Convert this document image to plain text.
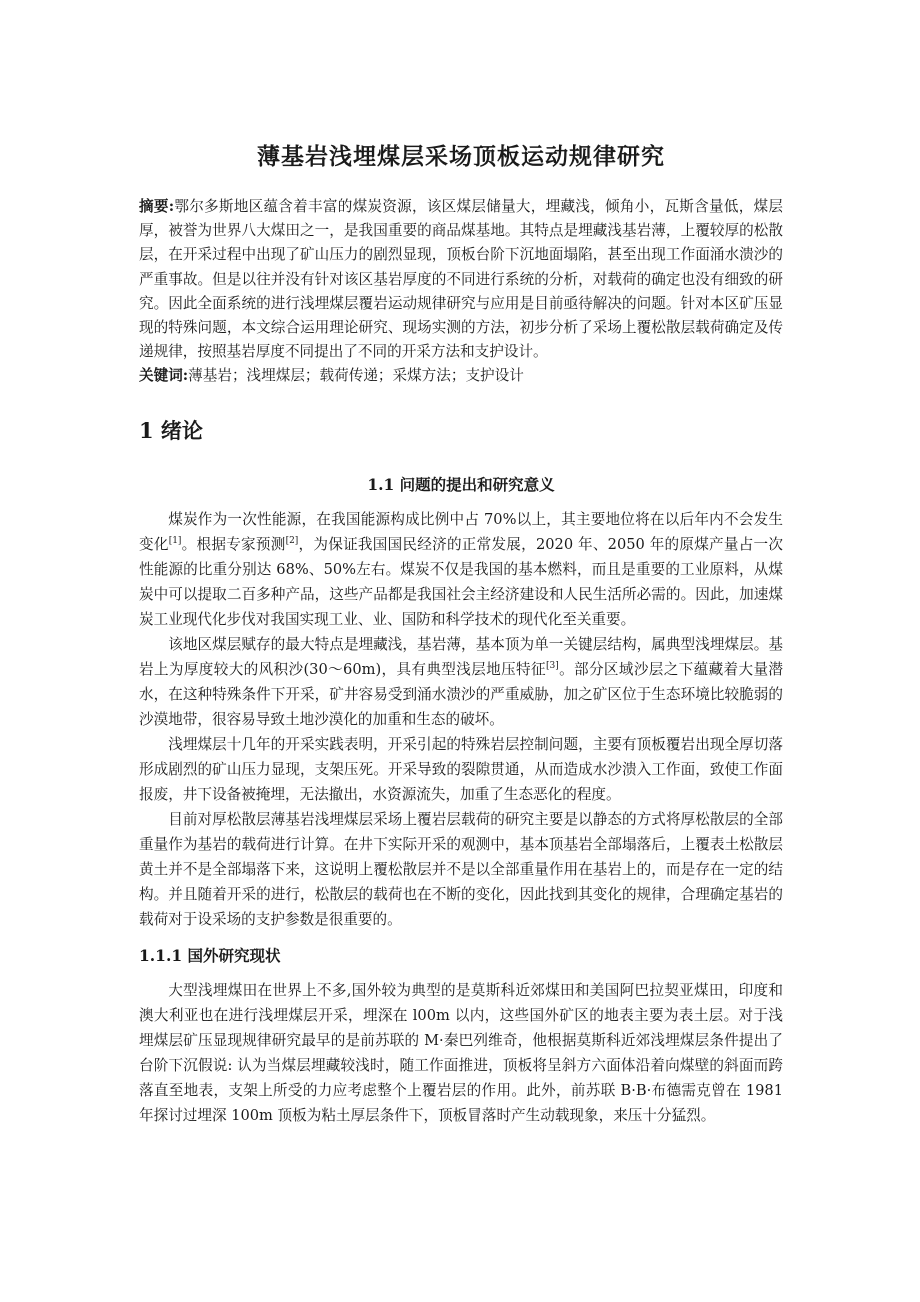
薄基岩浅埋煤层采场顶板运动规律研究

摘要:鄂尔多斯地区蕴含着丰富的煤炭资源，该区煤层储量大，埋藏浅，倾角小，瓦斯含量低，煤层厚，被誉为世界八大煤田之一，是我国重要的商品煤基地。其特点是埋藏浅基岩薄，上覆较厚的松散层，在开采过程中出现了矿山压力的剧烈显现，顶板台阶下沉地面塌陷，甚至出现工作面涌水溃沙的严重事故。但是以往并没有针对该区基岩厚度的不同进行系统的分析，对载荷的确定也没有细致的研究。因此全面系统的进行浅埋煤层覆岩运动规律研究与应用是目前亟待解决的问题。针对本区矿压显现的特殊问题，本文综合运用理论研究、现场实测的方法，初步分析了采场上覆松散层载荷确定及传递规律，按照基岩厚度不同提出了不同的开采方法和支护设计。

关键词:薄基岩；浅埋煤层；载荷传递；采煤方法；支护设计

1 绪论
1.1 问题的提出和研究意义

煤炭作为一次性能源，在我国能源构成比例中占 70%以上，其主要地位将在以后年内不会发生变化[1]。根据专家预测[2]，为保证我国国民经济的正常发展，2020 年、2050 年的原煤产量占一次性能源的比重分别达 68%、50%左右。煤炭不仅是我国的基本燃料，而且是重要的工业原料，从煤炭中可以提取二百多种产品，这些产品都是我国社会主经济建设和人民生活所必需的。因此，加速煤炭工业现代化步伐对我国实现工业、业、国防和科学技术的现代化至关重要。

该地区煤层赋存的最大特点是埋藏浅，基岩薄，基本顶为单一关键层结构，属典型浅埋煤层。基岩上为厚度较大的风积沙(30～60m)，具有典型浅层地压特征[3]。部分区域沙层之下蕴藏着大量潜水，在这种特殊条件下开采，矿井容易受到涌水溃沙的严重威胁，加之矿区位于生态环境比较脆弱的沙漠地带，很容易导致土地沙漠化的加重和生态的破坏。

浅埋煤层十几年的开采实践表明，开采引起的特殊岩层控制问题，主要有顶板覆岩出现全厚切落形成剧烈的矿山压力显现，支架压死。开采导致的裂隙贯通，从而造成水沙溃入工作面，致使工作面报废，井下设备被掩埋，无法撤出，水资源流失，加重了生态恶化的程度。

目前对厚松散层薄基岩浅埋煤层采场上覆岩层载荷的研究主要是以静态的方式将厚松散层的全部重量作为基岩的载荷进行计算。在井下实际开采的观测中，基本顶基岩全部塌落后，上覆表土松散层黄土并不是全部塌落下来，这说明上覆松散层并不是以全部重量作用在基岩上的，而是存在一定的结构。并且随着开采的进行，松散层的载荷也在不断的变化，因此找到其变化的规律，合理确定基岩的载荷对于设采场的支护参数是很重要的。

1.1.1 国外研究现状

大型浅埋煤田在世界上不多,国外较为典型的是莫斯科近郊煤田和美国阿巴拉契亚煤田，印度和澳大利亚也在进行浅埋煤层开采，埋深在 l00m 以内，这些国外矿区的地表主要为表土层。对于浅埋煤层矿压显现规律研究最早的是前苏联的 M·秦巴列维奇，他根据莫斯科近郊浅埋煤层条件提出了台阶下沉假说: 认为当煤层埋藏较浅时，随工作面推进，顶板将呈斜方六面体沿着向煤壁的斜面而跨落直至地表，支架上所受的力应考虑整个上覆岩层的作用。此外，前苏联 B·B·布德需克曾在 1981 年探讨过埋深 100m 顶板为粘土厚层条件下，顶板冒落时产生动载现象，来压十分猛烈。
